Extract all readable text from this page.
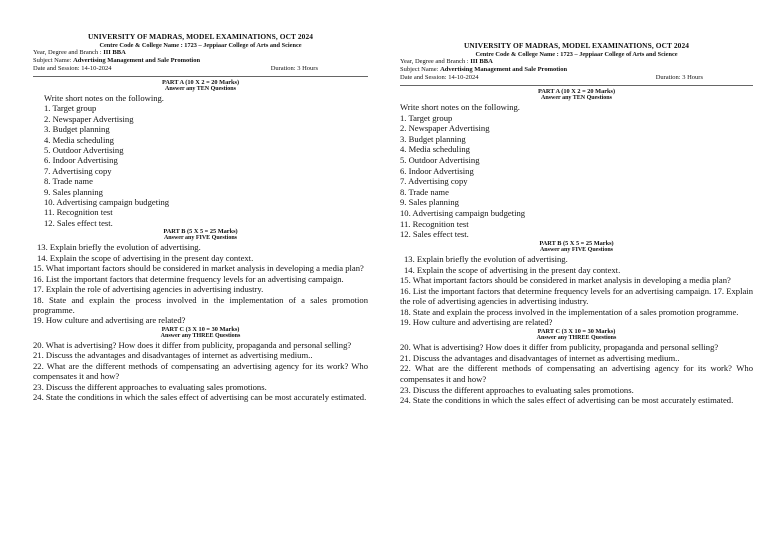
UNIVERSITY OF MADRAS, MODEL EXAMINATIONS, OCT 2024
Centre Code & College Name : 1723 – Jeppiaar College of Arts and Science
Year, Degree and Branch : III BBA
Subject Name: Advertising Management and Sale Promotion
Date and Session: 14-10-2024	Duration: 3 Hours
PART A (10 X 2 = 20 Marks)
Answer any TEN Questions
Write short notes on the following.
1. Target group
2. Newspaper Advertising
3. Budget planning
4. Media scheduling
5. Outdoor Advertising
6. Indoor Advertising
7. Advertising copy
8. Trade name
9. Sales planning
10. Advertising campaign budgeting
11. Recognition test
12. Sales effect test.
PART B (5 X 5 = 25 Marks)
Answer any FIVE Questions
13. Explain briefly the evolution of advertising.
14. Explain the scope of advertising in the present day context.
15. What important factors should be considered in market analysis in developing a media plan?
16. List the important factors that determine frequency levels for an advertising campaign.
17. Explain the role of advertising agencies in advertising industry.
18. State and explain the process involved in the implementation of a sales promotion programme.
19. How culture and advertising are related?
PART C (3 X 10 = 30 Marks)
Answer any THREE Questions
20. What is advertising? How does it differ from publicity, propaganda and personal selling?
21. Discuss the advantages and disadvantages of internet as advertising medium..
22. What are the different methods of compensating an advertising agency for its work? Who compensates it and how?
23. Discuss the different approaches to evaluating sales promotions.
24. State the conditions in which the sales effect of advertising can be most accurately estimated.
UNIVERSITY OF MADRAS, MODEL EXAMINATIONS, OCT 2024
Centre Code & College Name : 1723 – Jeppiaar College of Arts and Science
Year, Degree and Branch : III BBA
Subject Name: Advertising Management and Sale Promotion
Date and Session: 14-10-2024	Duration: 3 Hours
PART A (10 X 2 = 20 Marks)
Answer any TEN Questions
Write short notes on the following.
1. Target group
2. Newspaper Advertising
3. Budget planning
4. Media scheduling
5. Outdoor Advertising
6. Indoor Advertising
7. Advertising copy
8. Trade name
9. Sales planning
10. Advertising campaign budgeting
11. Recognition test
12. Sales effect test.
PART B (5 X 5 = 25 Marks)
Answer any FIVE Questions
13. Explain briefly the evolution of advertising.
14. Explain the scope of advertising in the present day context.
15. What important factors should be considered in market analysis in developing a media plan?
16. List the important factors that determine frequency levels for an advertising campaign. 17. Explain the role of advertising agencies in advertising industry.
18. State and explain the process involved in the implementation of a sales promotion programme.
19. How culture and advertising are related?
PART C (3 X 10 = 30 Marks)
Answer any THREE Questions
20. What is advertising? How does it differ from publicity, propaganda and personal selling?
21. Discuss the advantages and disadvantages of internet as advertising medium..
22. What are the different methods of compensating an advertising agency for its work? Who compensates it and how?
23. Discuss the different approaches to evaluating sales promotions.
24. State the conditions in which the sales effect of advertising can be most accurately estimated.
